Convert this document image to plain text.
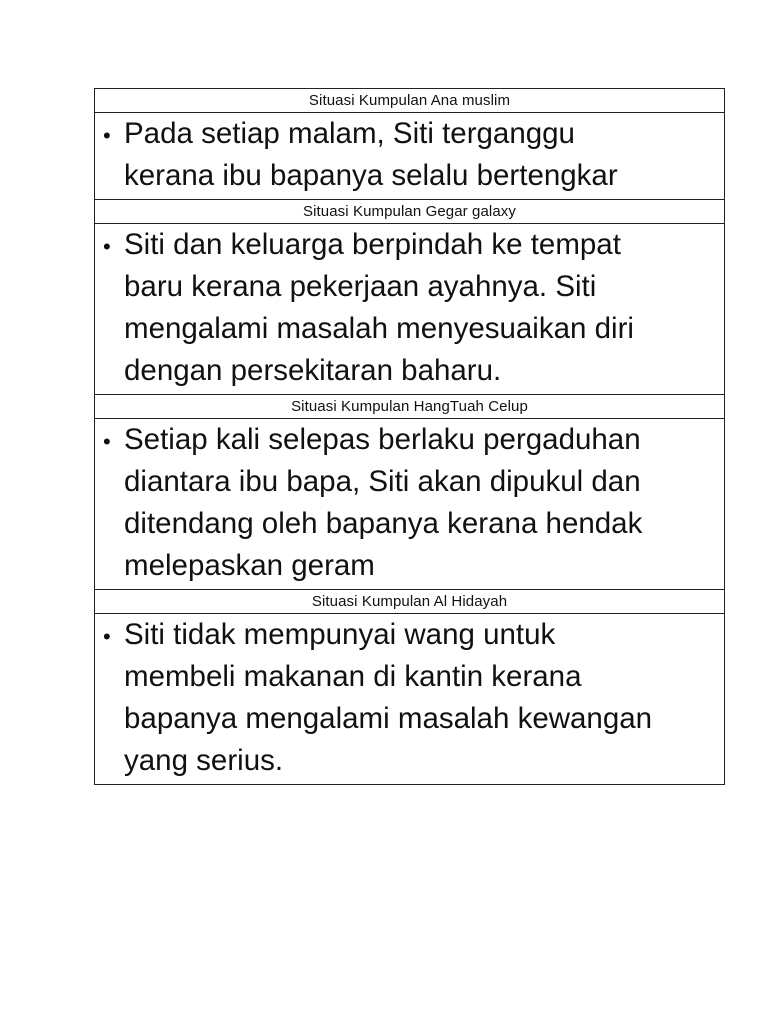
Situasi Kumpulan Ana muslim

• Pada setiap malam, Siti terganggu
kerana ibu bapanya selalu bertengkar

Situasi Kumpulan Gegar galaxy

• Siti dan keluarga berpindah ke tempat
baru kerana pekerjaan ayahnya. Siti
mengalami masalah menyesuaikan diri
dengan persekitaran baharu.

Situasi Kumpulan HangTuah Celup

• Setiap kali selepas berlaku pergaduhan
diantara ibu bapa, Siti akan dipukul dan
ditendang oleh bapanya kerana hendak
melepaskan geram

Situasi Kumpulan Al Hidayah

• Siti tidak mempunyai wang untuk
membeli makanan di kantin kerana
bapanya mengalami masalah kewangan
yang serius.
